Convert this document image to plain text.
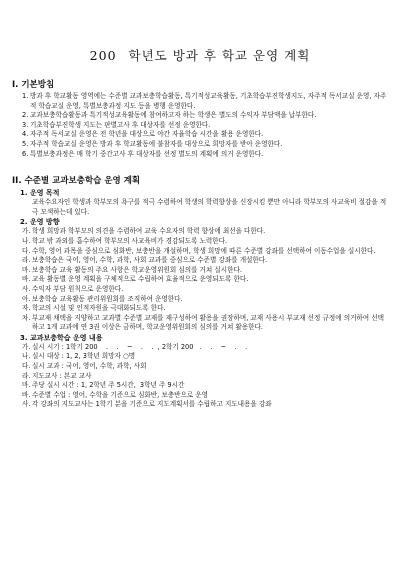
200 학년도 방과 후 학교 운영 계획

I. 기본방침

1. 방과 후 학교활동 영역에는 수준별 교과보충학습활동, 특기적성교육활동, 기초학습부진학생지도, 자주적 독서교실 운영, 자주적 학습교실 운영, 특별보충과정 지도 등을 병행 운영한다.
2. 교과보충학습활동과 특기적성교육활동에 참여하고자 하는 학생은 별도의 수익자 부담액을 납부한다.
3. 기초학습부진학생 지도는 판별고사 후 대상자를 선정 운영한다.
4. 자주적 독서교실 운영은 전 학년을 대상으로 야간 자율학습 시간을 활용 운영한다.
5. 자주적 학습교실 운영은 방과 후 학교활동에 불참자를 대상으로 희망자를 받아 운영한다.
6. 특별보충과정은 매 학기 중간고사 후 대상자를 선정 별도의 계획에 의거 운영한다.

II. 수준별 교과보충학습 운영 계획

1. 운영 목적

교육수요자인 학생과 학부모의 욕구를 적극 수렴하여 학생의 학력향상을 신장시킴 뿐만 아니라 학부모의 사교육비 절감을 적극 모색하는데 있다.

2. 운영 방향

가. 학생 희망과 학부모의 의견을 수렴하여 교육 수요자의 학력 향상에 최선을 다한다.
나. 학교 밖 과외를 흡수하여 학부모의 사교육비가 경감되도록 노력한다.
다. 수학, 영어 과목을 중심으로 심화반, 보충반을 개설하며, 학생 희망에 따른 수준별 강좌를 선택하여 이동수업을 실시한다.
라. 보충학습은 국어, 영어, 수학, 과학, 사회 교과를 중심으로 수준별 강좌를 개설한다.
마. 보충학습 교육 활동의 주요 사항은 학교운영위원회 심의를 거쳐 실시한다.
바. 교육 활동별 운영 계획을 구체적으로 수립하여 효율적으로 운영되도록 한다.
사. 수익자 부담 원칙으로 운영한다.
아. 보충학습 교육활동 관리위원회를 조직하여 운영한다.
자. 학교의 시설 및 인적자원을 극대화되도록 한다.
차. 부교재 채택을 지양하고 교과별 수준별 교재를 재구성하여 활용을 권장하며, 교재 사용시 부교재 선정 규정에 의거하여 선택하고 1개 교과에 연 3권 이상은 금하며, 학교운영위원회의 심의를 거쳐 활용한다.

3. 교과보충학습 운영 내용

가. 실시 시기 : 1학기 200    .    .    ~    .    .  , 2학기 200   .    .    ~    .    .
나. 실시 대상 : 1, 2, 3학년 희망자 ○명
다. 실시 교과 : 국어, 영어, 수학, 과학, 사회
라. 지도교사 : 본교 교사
마. 주당 실시 시간 : 1, 2학년 주 5시간,  3학년 주 9시간
바. 수준별 수업 : 영어, 수학을 기준으로 심화반, 보충반으로 운영
사. 각 강좌의 지도교사는 1학기 분을 기준으로 지도계획서를 수립하고 지도내용을 강좌
